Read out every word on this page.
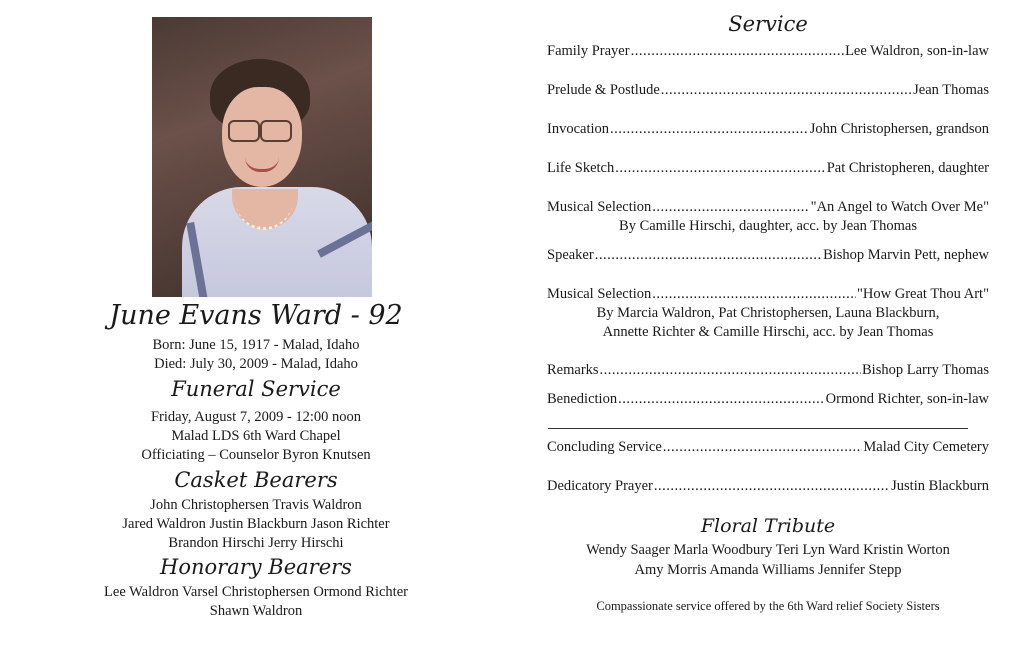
June Evans Ward - 92
Born: June 15, 1917 - Malad, Idaho
Died: July 30, 2009 - Malad, Idaho
Funeral Service
Friday, August 7, 2009 - 12:00 noon
Malad LDS 6th Ward Chapel
Officiating – Counselor Byron Knutsen
Casket Bearers
John Christophersen Travis Waldron
Jared Waldron Justin Blackburn Jason Richter
Brandon Hirschi Jerry Hirschi
Honorary Bearers
Lee Waldron Varsel Christophersen Ormond Richter
Shawn Waldron
Service
Family Prayer .....	Lee Waldron, son-in-law
Prelude & Postlude .....	Jean Thomas
Invocation .....	John Christophersen, grandson
Life Sketch .....	Pat Christopheren, daughter
Musical Selection .....	"An Angel to Watch Over Me"
By Camille Hirschi, daughter, acc. by Jean Thomas
Speaker .....	Bishop Marvin Pett, nephew
Musical Selection .....	"How Great Thou Art"
By Marcia Waldron, Pat Christophersen, Launa Blackburn,
Annette Richter & Camille Hirschi, acc. by Jean Thomas
Remarks .....	Bishop Larry Thomas
Benediction .....	Ormond Richter, son-in-law
Concluding Service .....	Malad City Cemetery
Dedicatory Prayer .....	Justin Blackburn
Floral Tribute
Wendy Saager Marla Woodbury Teri Lyn Ward Kristin Worton
Amy Morris Amanda Williams Jennifer Stepp
Compassionate service offered by the 6th Ward relief Society Sisters
